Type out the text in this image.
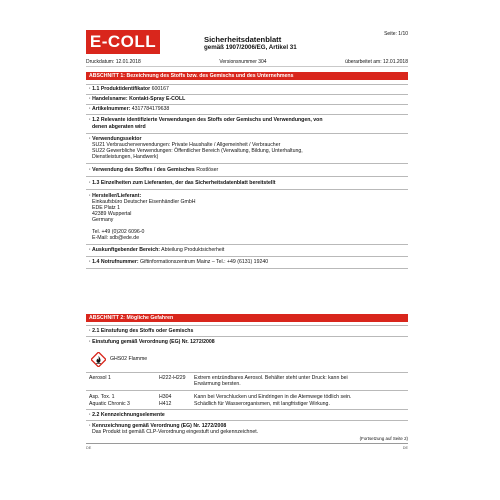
E-COLL	Seite: 1/10
Sicherheitsdatenblatt
gemäß 1907/2006/EG, Artikel 31
Druckdatum: 12.01.2018	Versionsnummer 304	überarbeitet am: 12.01.2018
ABSCHNITT 1: Bezeichnung des Stoffs bzw. des Gemischs und des Unternehmens
· 1.1 Produktidentifikator 600167
· Handelsname: Kontakt-Spray E-COLL
· Artikelnummer: 4317784179638
· 1.2 Relevante identifizierte Verwendungen des Stoffs oder Gemischs und Verwendungen, von
denen abgeraten wird
· Verwendungssektor
SU21 Verbraucherverwendungen: Private Haushalte / Allgemeinheit / Verbraucher
SU22 Gewerbliche Verwendungen: Öffentlicher Bereich (Verwaltung, Bildung, Unterhaltung,
Dienstleistungen, Handwerk)
· Verwendung des Stoffes / des Gemisches Rostlöser
· 1.3 Einzelheiten zum Lieferanten, der das Sicherheitsdatenblatt bereitstellt
· Hersteller/Lieferant:
Einkaufsbüro Deutscher Eisenhändler GmbH
EDE Platz 1
42389 Wuppertal
Germany
Tel. +49 (0)202 6096-0
E-Mail: sdb@ede.de
· Auskunftgebender Bereich: Abteilung Produktsicherheit
· 1.4 Notrufnummer: Giftinformationszentrum Mainz – Tel.: +49 (6131) 19240
ABSCHNITT 2: Mögliche Gefahren
· 2.1 Einstufung des Stoffs oder Gemischs
· Einstufung gemäß Verordnung (EG) Nr. 1272/2008
GHS02 Flamme
Aerosol 1	H222-H229 Extrem entzündbares Aerosol. Behälter steht unter Druck: kann bei
Erwärmung bersten.
Asp. Tox. 1	H304	Kann bei Verschlucken und Eindringen in die Atemwege tödlich sein.
Aquatic Chronic 3	H412	Schädlich für Wasserorganismen, mit langfristiger Wirkung.
· 2.2 Kennzeichnungselemente
· Kennzeichnung gemäß Verordnung (EG) Nr. 1272/2008
Das Produkt ist gemäß CLP-Verordnung eingestuft und gekennzeichnet.
(Fortsetzung auf Seite 2)
DE	DE
